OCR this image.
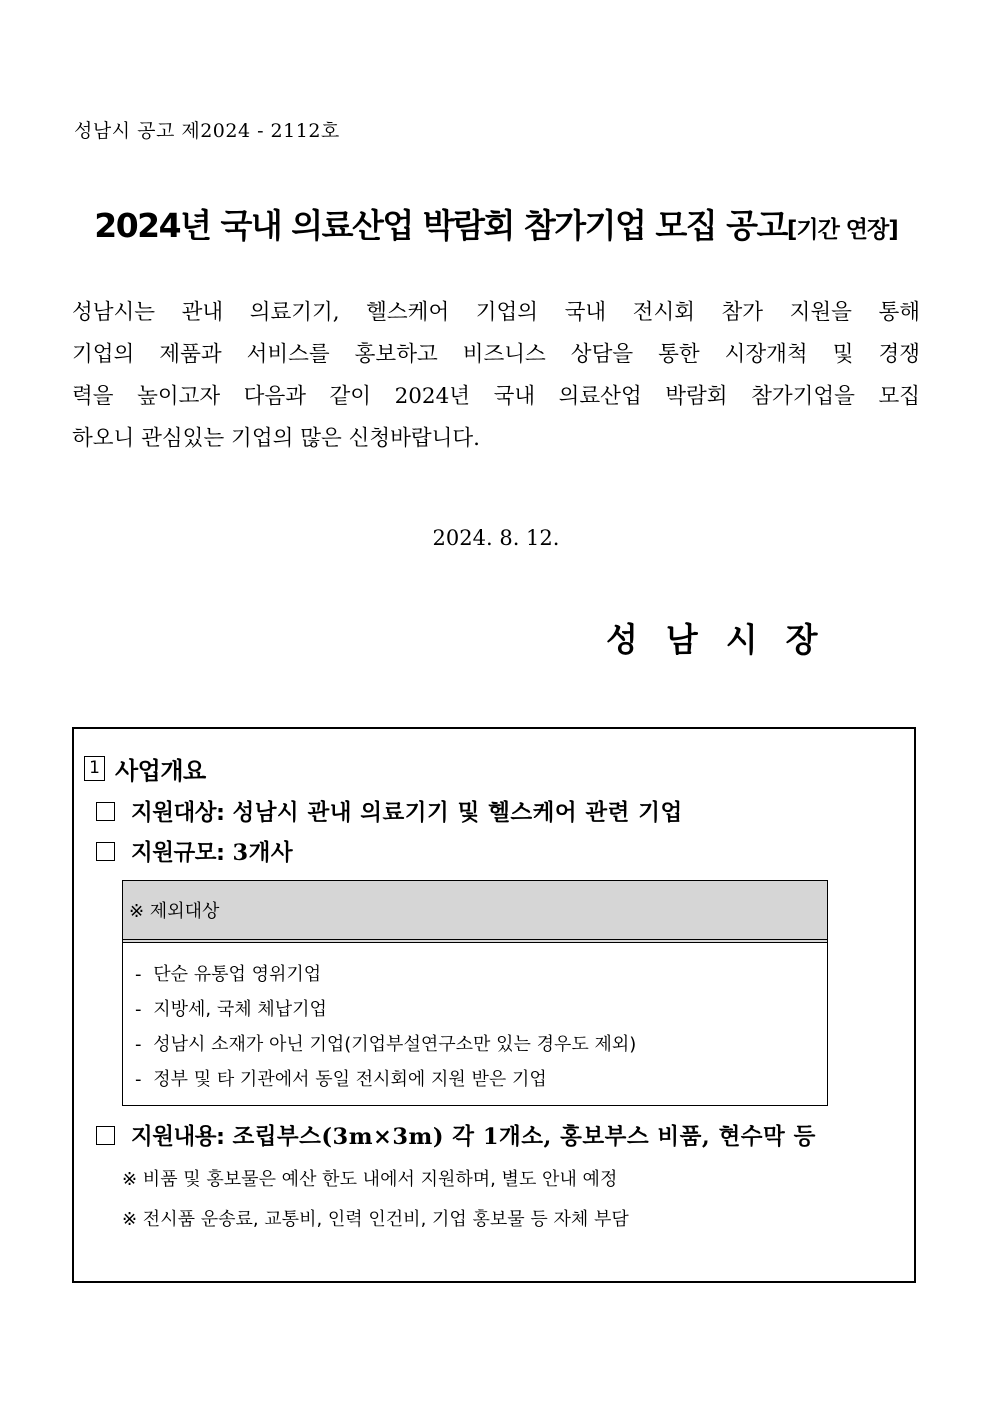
성남시 공고 제2024 - 2112호
2024년 국내 의료산업 박람회 참가기업 모집 공고[기간 연장]
성남시는 관내 의료기기, 헬스케어 기업의 국내 전시회 참가 지원을 통해
기업의 제품과 서비스를 홍보하고 비즈니스 상담을 통한 시장개척 및 경쟁
력을 높이고자 다음과 같이 2024년 국내 의료산업 박람회 참가기업을 모집
하오니 관심있는 기업의 많은 신청바랍니다.
2024. 8. 12.
성남시장
1 사업개요
지원대상: 성남시 관내 의료기기 및 헬스케어 관련 기업
지원규모: 3개사
※ 제외대상
- 단순 유통업 영위기업
- 지방세, 국체 체납기업
- 성남시 소재가 아닌 기업(기업부설연구소만 있는 경우도 제외)
- 정부 및 타 기관에서 동일 전시회에 지원 받은 기업
지원내용: 조립부스(3m×3m) 각 1개소, 홍보부스 비품, 현수막 등
※ 비품 및 홍보물은 예산 한도 내에서 지원하며, 별도 안내 예정
※ 전시품 운송료, 교통비, 인력 인건비, 기업 홍보물 등 자체 부담
